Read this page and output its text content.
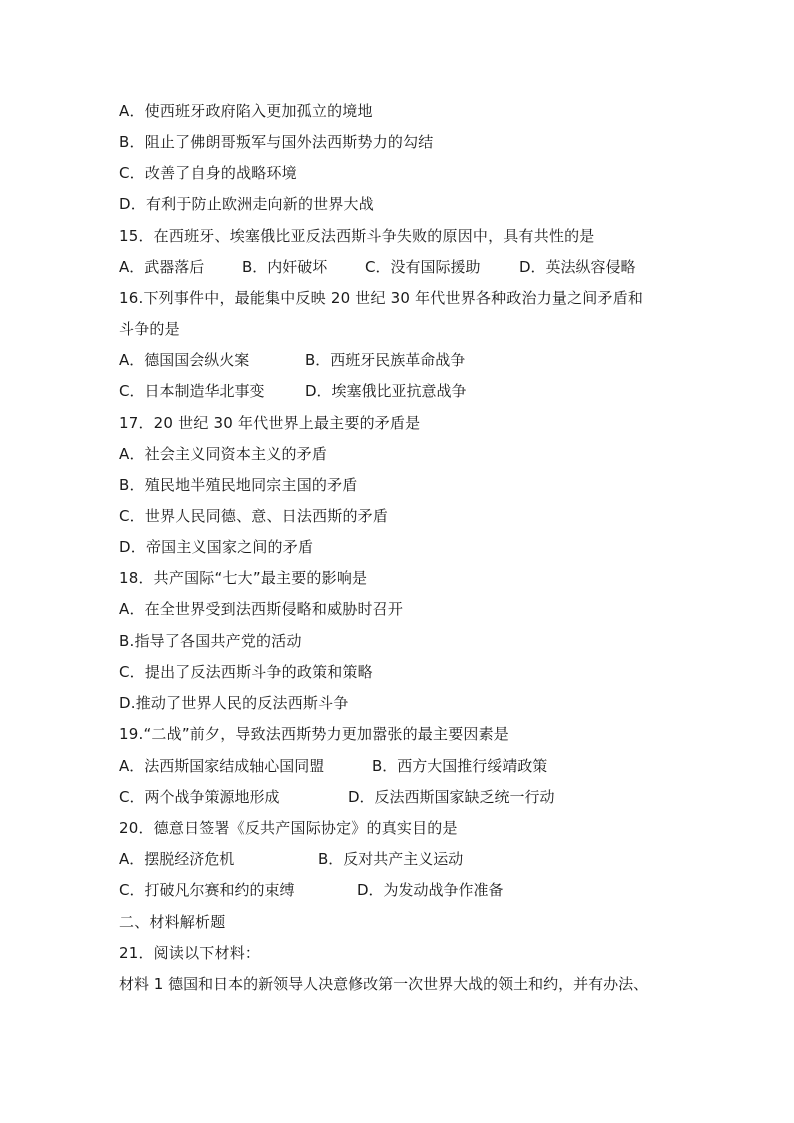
A．使西班牙政府陷入更加孤立的境地
B．阻止了佛朗哥叛军与国外法西斯势力的勾结
C．改善了自身的战略环境
D．有利于防止欧洲走向新的世界大战
15．在西班牙、埃塞俄比亚反法西斯斗争失败的原因中，具有共性的是
A．武器落后	B．内奸破坏	C．没有国际援助	D．英法纵容侵略
16.下列事件中，最能集中反映 20 世纪 30 年代世界各种政治力量之间矛盾和
斗争的是
A．德国国会纵火案	B．西班牙民族革命战争
C．日本制造华北事变	D．埃塞俄比亚抗意战争
17．20 世纪 30 年代世界上最主要的矛盾是
A．社会主义同资本主义的矛盾
B．殖民地半殖民地同宗主国的矛盾
C．世界人民同德、意、日法西斯的矛盾
D．帝国主义国家之间的矛盾
18．共产国际“七大”最主要的影响是
A．在全世界受到法西斯侵略和威胁时召开
B.指导了各国共产党的活动
C．提出了反法西斯斗争的政策和策略
D.推动了世界人民的反法西斯斗争
19.“二战”前夕，导致法西斯势力更加嚣张的最主要因素是
A．法西斯国家结成轴心国同盟	B．西方大国推行绥靖政策
C．两个战争策源地形成	D．反法西斯国家缺乏统一行动
20．德意日签署《反共产国际协定》的真实目的是
A．摆脱经济危机	B．反对共产主义运动
C．打破凡尔赛和约的束缚	D．为发动战争作准备
二、材料解析题
21．阅读以下材料：
材料 1 德国和日本的新领导人决意修改第一次世界大战的领土和约，并有办法、
